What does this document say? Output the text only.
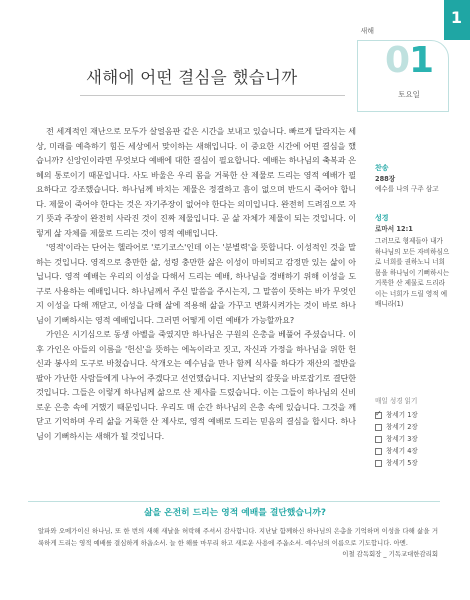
1
새해
새해에 어떤 결심을 했습니까 01
토요일

전 세계적인 재난으로 모두가 살얼음판 같은 시간을 보내고 있습니다. 빠르게 달라지는 세상, 미래를 예측하기 힘든 세상에서 맞이하는 새해입니다. 이 중요한 시간에 어떤 결심을 했습니까? 신앙인이라면 무엇보다 예배에 대한 결심이 필요합니다. 예배는 하나님의 축복과 은혜의 통로이기 때문입니다. 사도 바울은 우리 몸을 거룩한 산 제물로 드리는 영적 예배가 필요하다고 강조했습니다. 하나님께 바치는 제물은 정결하고 흠이 없으며 반드시 죽어야 합니다. 제물이 죽어야 한다는 것은 자기주장이 없어야 한다는 의미입니다. 완전히 드려짐으로 자기 뜻과 주장이 완전히 사라진 것이 진짜 제물입니다. 곧 삶 자체가 제물이 되는 것입니다. 이렇게 삶 자체를 제물로 드리는 것이 영적 예배입니다.

'영적'이라는 단어는 헬라어로 '로기코스'인데 이는 '분별력'을 뜻합니다. 이성적인 것을 말하는 것입니다. 영적으로 충만한 삶, 성령 충만한 삶은 이성이 마비되고 감정만 있는 삶이 아닙니다. 영적 예배는 우리의 이성을 다해서 드리는 예배, 하나님을 경배하기 위해 이성을 도구로 사용하는 예배입니다. 하나님께서 주신 말씀을 주시는지, 그 말씀이 뜻하는 바가 무엇인지 이성을 다해 깨닫고, 이성을 다해 삶에 적용해 삶을 가꾸고 변화시켜가는 것이 바로 하나님이 기뻐하시는 영적 예배입니다. 그러면 어떻게 이런 예배가 가능할까요?

가인은 시기심으로 동생 아벨을 죽였지만 하나님은 구원의 은총을 베풀어 주셨습니다. 이후 가인은 아들의 이름을 '헌신'을 뜻하는 에녹이라고 짓고, 자신과 가정을 하나님을 위한 헌신과 봉사의 도구로 바쳤습니다. 삭개오는 예수님을 만나 함께 식사를 하다가 재산의 절반을 팔아 가난한 사람들에게 나누어 주겠다고 선언했습니다. 지난날의 잘못을 바로잡기로 결단한 것입니다. 그들은 이렇게 하나님께 삶으로 산 제사를 드렸습니다. 이는 그들이 하나님의 신비로운 은총 속에 거했기 때문입니다. 우리도 매 순간 하나님의 은총 속에 있습니다. 그것을 깨닫고 기억하며 우리 삶을 거룩한 산 제사로, 영적 예배로 드리는 믿음의 결심을 합시다. 하나님이 기뻐하시는 새해가 될 것입니다.

찬송
288장
예수를 나의 구주 삼고
성경
로마서 12:1
그러므로 형제들아 내가 하나님의 모든 자비하심으로 너희를 권하노니 너희 몸을 하나님이 기뻐하시는 거룩한 산 제물로 드리라 이는 너희가 드릴 영적 예배니라(1)
매일 성경 읽기
✓
창세기 1장
창세기 2장
창세기 3장
창세기 4장
창세기 5장
삶을 온전히 드리는 영적 예배를 결단했습니까?
알파와 오메가이신 하나님, 또 한 번의 새해 새날을 허락해 주셔서 감사합니다. 지난날 함께하신 하나님의 은총을 기억하며 이성을 다해 삶을 거룩하게 드리는 영적 예배를 결심하게 하옵소서. 늘 한 해를 마무리 하고 새로운 사용에 주옵소서. 예수님의 이름으로 기도합니다. 아멘.
이철 감독회장 _ 기독교대한감리회
